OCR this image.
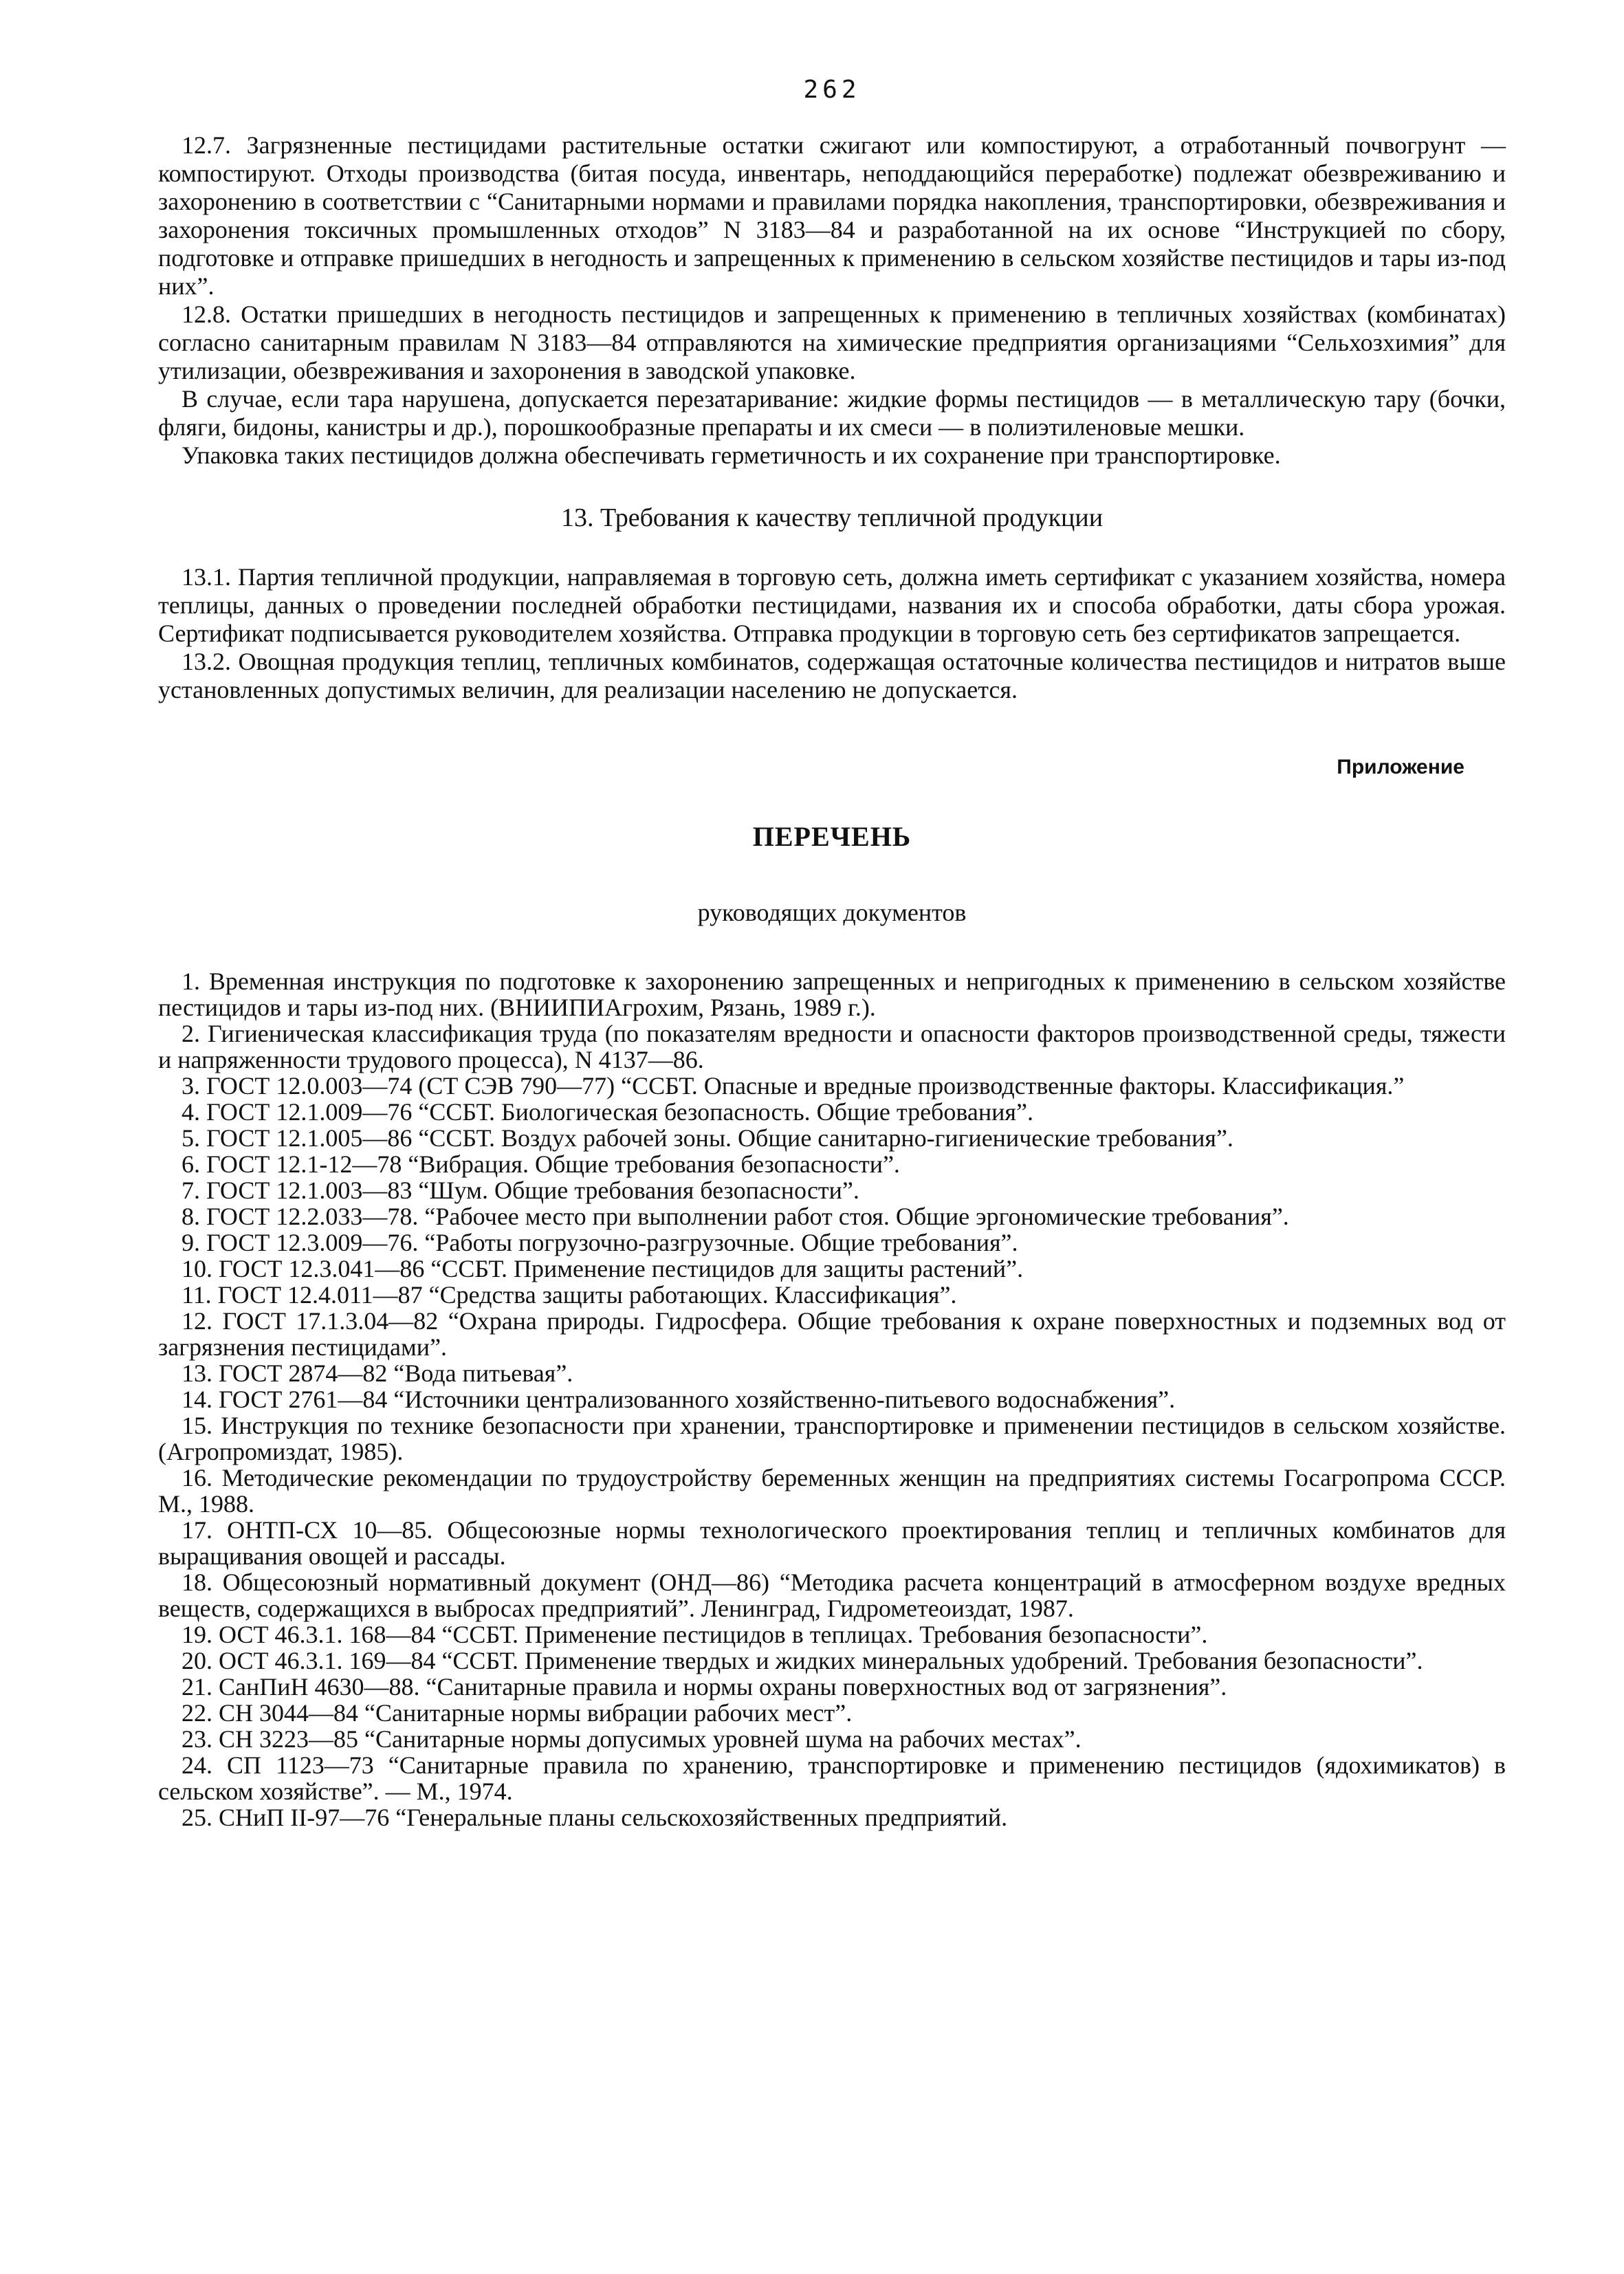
262

12.7. Загрязненные пестицидами растительные остатки сжигают или компостируют, а отработанный почвогрунт — компостируют. Отходы производства (битая посуда, инвентарь, неподдающийся переработке) подлежат обезвреживанию и захоронению в соответствии с “Санитарными нормами и правилами порядка накопления, транспортировки, обезвреживания и захоронения токсичных промышленных отходов” N 3183—84 и разработанной на их основе “Инструкцией по сбору, подготовке и отправке пришедших в негодность и запрещенных к применению в сельском хозяйстве пестицидов и тары из-под них”.

12.8. Остатки пришедших в негодность пестицидов и запрещенных к применению в тепличных хозяйствах (комбинатах) согласно санитарным правилам N 3183—84 отправляются на химические предприятия организациями “Сельхозхимия” для утилизации, обезвреживания и захоронения в заводской упаковке.

В случае, если тара нарушена, допускается перезатаривание: жидкие формы пестицидов — в металлическую тару (бочки, фляги, бидоны, канистры и др.), порошкообразные препараты и их смеси — в полиэтиленовые мешки.

Упаковка таких пестицидов должна обеспечивать герметичность и их сохранение при транспортировке.

13. Требования к качеству тепличной продукции

13.1. Партия тепличной продукции, направляемая в торговую сеть, должна иметь сертификат с указанием хозяйства, номера теплицы, данных о проведении последней обработки пестицидами, названия их и способа обработки, даты сбора урожая. Сертификат подписывается руководителем хозяйства. Отправка продукции в торговую сеть без сертификатов запрещается.

13.2. Овощная продукция теплиц, тепличных комбинатов, содержащая остаточные количества пестицидов и нитратов выше установленных допустимых величин, для реализации населению не допускается.

Приложение
ПЕРЕЧЕНЬ
руководящих документов

1. Временная инструкция по подготовке к захоронению запрещенных и непригодных к применению в сельском хозяйстве пестицидов и тары из-под них. (ВНИИПИАгрохим, Рязань, 1989 г.).

2. Гигиеническая классификация труда (по показателям вредности и опасности факторов производственной среды, тяжести и напряженности трудового процесса), N 4137—86.

3. ГОСТ 12.0.003—74 (СТ СЭВ 790—77) “ССБТ. Опасные и вредные производственные факторы. Классификация.”

4. ГОСТ 12.1.009—76 “ССБТ. Биологическая безопасность. Общие требования”.

5. ГОСТ 12.1.005—86 “ССБТ. Воздух рабочей зоны. Общие санитарно-гигиенические требования”.

6. ГОСТ 12.1-12—78 “Вибрация. Общие требования безопасности”.

7. ГОСТ 12.1.003—83 “Шум. Общие требования безопасности”.

8. ГОСТ 12.2.033—78. “Рабочее место при выполнении работ стоя. Общие эргономические требования”.

9. ГОСТ 12.3.009—76. “Работы погрузочно-разгрузочные. Общие требования”.

10. ГОСТ 12.3.041—86 “ССБТ. Применение пестицидов для защиты растений”.

11. ГОСТ 12.4.011—87 “Средства защиты работающих. Классификация”.

12. ГОСТ 17.1.3.04—82 “Охрана природы. Гидросфера. Общие требования к охране поверхностных и подземных вод от загрязнения пестицидами”.

13. ГОСТ 2874—82 “Вода питьевая”.

14. ГОСТ 2761—84 “Источники централизованного хозяйственно-питьевого водоснабжения”.

15. Инструкция по технике безопасности при хранении, транспортировке и применении пестицидов в сельском хозяйстве. (Агропромиздат, 1985).

16. Методические рекомендации по трудоустройству беременных женщин на предприятиях системы Госагропрома СССР. М., 1988.

17. ОНТП-СХ 10—85. Общесоюзные нормы технологического проектирования теплиц и тепличных комбинатов для выращивания овощей и рассады.

18. Общесоюзный нормативный документ (ОНД—86) “Методика расчета концентраций в атмосферном воздухе вредных веществ, содержащихся в выбросах предприятий”. Ленинград, Гидрометеоиздат, 1987.

19. ОСТ 46.3.1. 168—84 “ССБТ. Применение пестицидов в теплицах. Требования безопасности”.

20. ОСТ 46.3.1. 169—84 “ССБТ. Применение твердых и жидких минеральных удобрений. Требования безопасности”.

21. СанПиН 4630—88. “Санитарные правила и нормы охраны поверхностных вод от загрязнения”.

22. СН 3044—84 “Санитарные нормы вибрации рабочих мест”.

23. СН 3223—85 “Санитарные нормы допусимых уровней шума на рабочих местах”.

24. СП 1123—73 “Санитарные правила по хранению, транспортировке и применению пестицидов (ядохимикатов) в сельском хозяйстве”. — М., 1974.

25. СНиП II-97—76 “Генеральные планы сельскохозяйственных предприятий.
